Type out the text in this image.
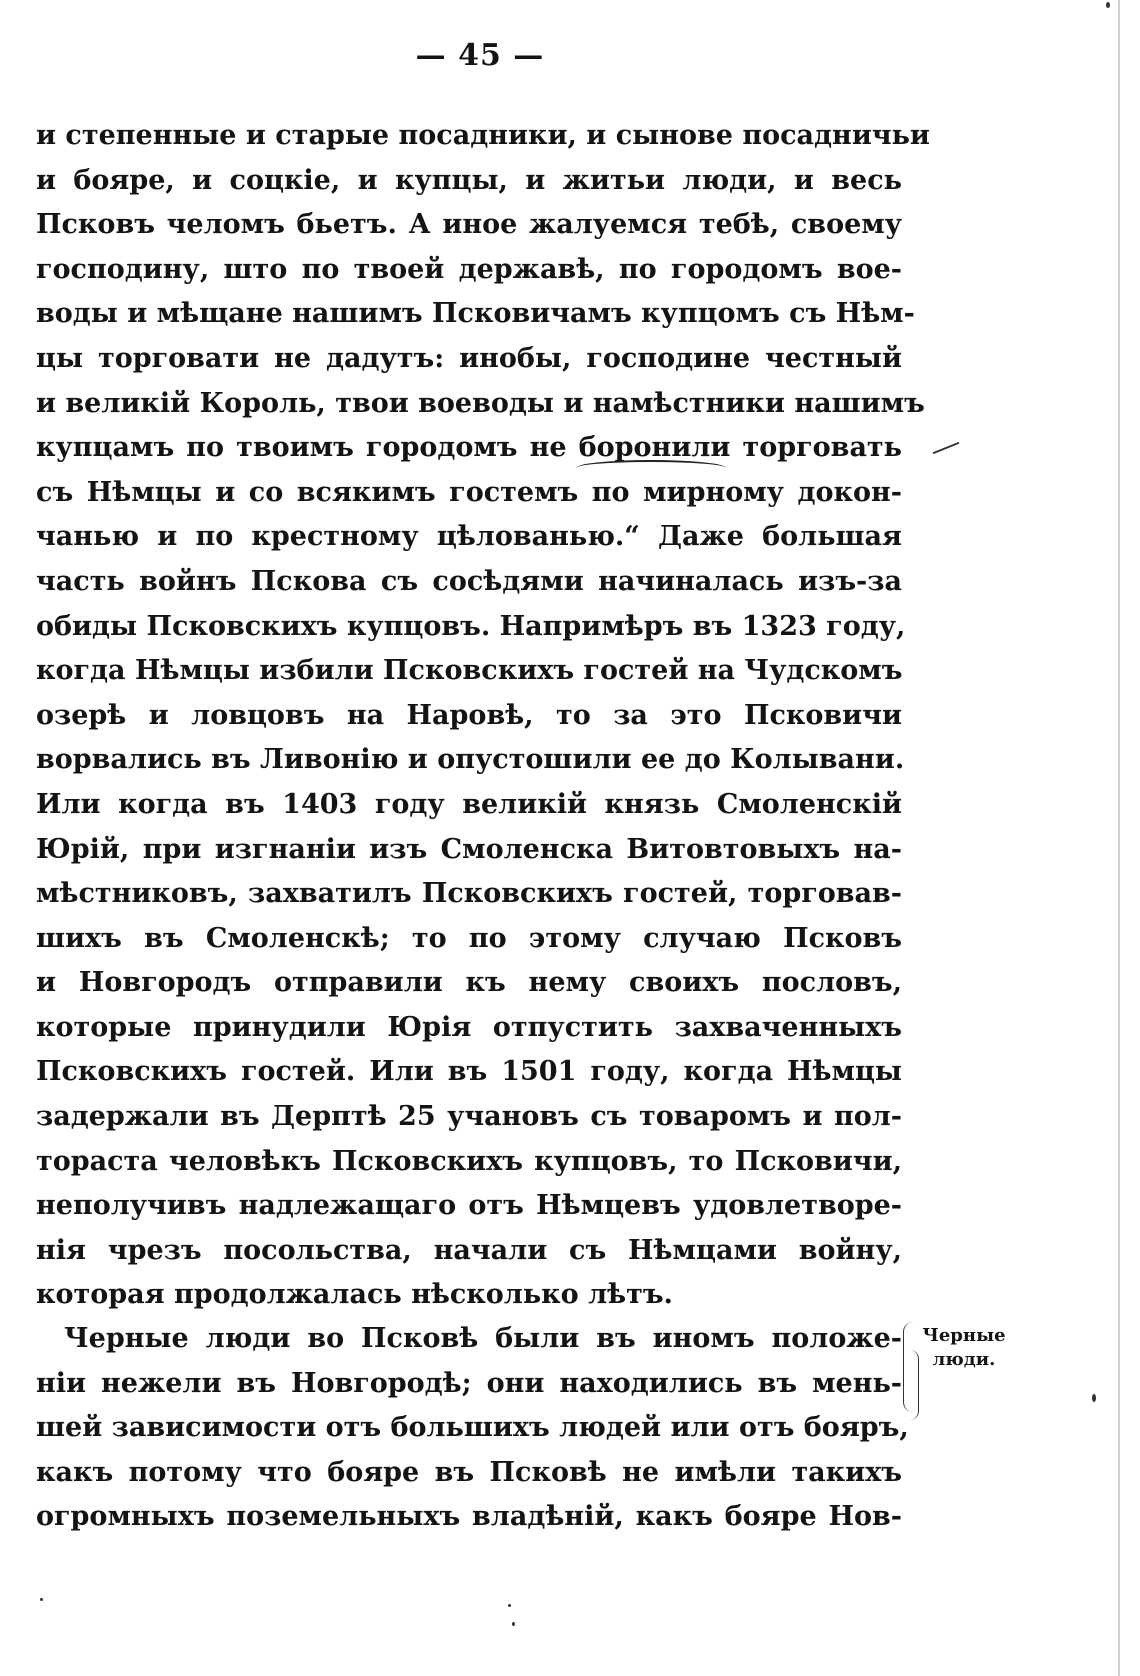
— 45 —
и степенные и старые посадники, и сынове посадничьи
и бояре, и соцкіе, и купцы, и житьи люди, и весь
Псковъ челомъ бьетъ. А иное жалуемся тебѣ, своему
господину, што по твоей державѣ, по городомъ вое-
воды и мѣщане нашимъ Псковичамъ купцомъ съ Нѣм-
цы торговати не дадутъ: инобы, господине честный
и великій Король, твои воеводы и намѣстники нашимъ
купцамъ по твоимъ городомъ не боронили торговать
съ Нѣмцы и со всякимъ гостемъ по мирному докон-
чанью и по крестному цѣлованью.“ Даже большая
часть войнъ Пскова съ сосѣдями начиналась изъ-за
обиды Псковскихъ купцовъ. Напримѣръ въ 1323 году,
когда Нѣмцы избили Псковскихъ гостей на Чудскомъ
озерѣ и ловцовъ на Наровѣ, то за это Псковичи
ворвались въ Ливонію и опустошили ее до Колывани.
Или когда въ 1403 году великій князь Смоленскій
Юрій, при изгнаніи изъ Смоленска Витовтовыхъ на-
мѣстниковъ, захватилъ Псковскихъ гостей, торговав-
шихъ въ Смоленскѣ; то по этому случаю Псковъ
и Новгородъ отправили къ нему своихъ пословъ,
которые принудили Юрія отпустить захваченныхъ
Псковскихъ гостей. Или въ 1501 году, когда Нѣмцы
задержали въ Дерптѣ 25 учановъ съ товаромъ и пол-
тораста человѣкъ Псковскихъ купцовъ, то Псковичи,
неполучивъ надлежащаго отъ Нѣмцевъ удовлетворе-
нія чрезъ посольства, начали съ Нѣмцами войну,
которая продолжалась нѣсколько лѣтъ.
Черные люди во Псковѣ были въ иномъ положе-
ніи нежели въ Новгородѣ; они находились въ мень-
шей зависимости отъ большихъ людей или отъ бояръ,
какъ потому что бояре въ Псковѣ не имѣли такихъ
огромныхъ поземельныхъ владѣній, какъ бояре Нов-
Черные
люди.
